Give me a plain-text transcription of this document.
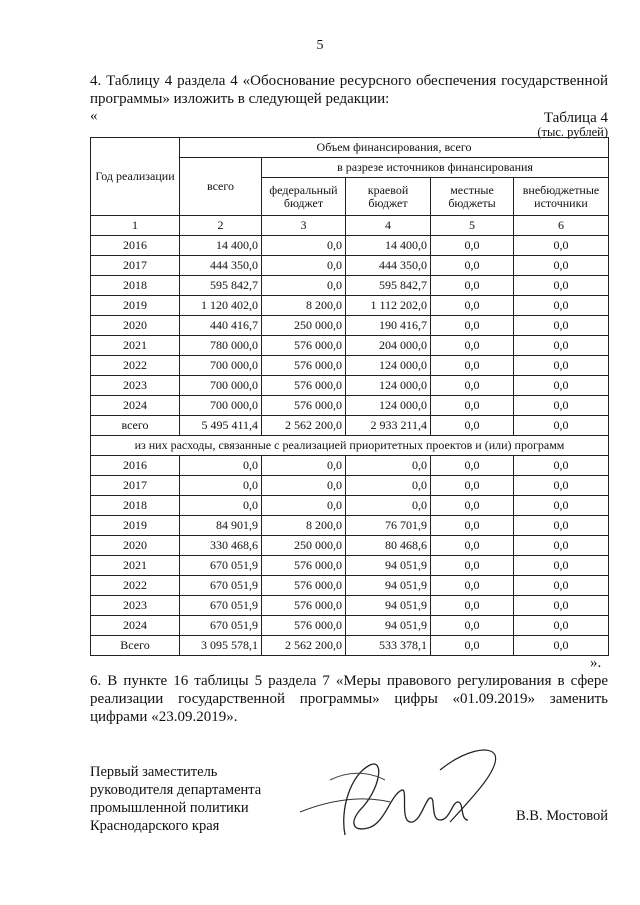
5
4. Таблицу 4 раздела 4 «Обоснование ресурсного обеспечения государственной программы» изложить в следующей редакции:
«	Таблица 4
(тыс. рублей)
Год реализации	Объем финансирования, всего				
	всего	в разрезе источников финансирования			
		федеральный бюджет	краевой бюджет	местные бюджеты	внебюджетные источники
1	2	3	4	5	6
2016	14 400,0	0,0	14 400,0	0,0	0,0
2017	444 350,0	0,0	444 350,0	0,0	0,0
2018	595 842,7	0,0	595 842,7	0,0	0,0
2019	1 120 402,0	8 200,0	1 112 202,0	0,0	0,0
2020	440 416,7	250 000,0	190 416,7	0,0	0,0
2021	780 000,0	576 000,0	204 000,0	0,0	0,0
2022	700 000,0	576 000,0	124 000,0	0,0	0,0
2023	700 000,0	576 000,0	124 000,0	0,0	0,0
2024	700 000,0	576 000,0	124 000,0	0,0	0,0
всего	5 495 411,4	2 562 200,0	2 933 211,4	0,0	0,0
из них расходы, связанные с реализацией приоритетных проектов и (или) программ					
2016	0,0	0,0	0,0	0,0	0,0
2017	0,0	0,0	0,0	0,0	0,0
2018	0,0	0,0	0,0	0,0	0,0
2019	84 901,9	8 200,0	76 701,9	0,0	0,0
2020	330 468,6	250 000,0	80 468,6	0,0	0,0
2021	670 051,9	576 000,0	94 051,9	0,0	0,0
2022	670 051,9	576 000,0	94 051,9	0,0	0,0
2023	670 051,9	576 000,0	94 051,9	0,0	0,0
2024	670 051,9	576 000,0	94 051,9	0,0	0,0
Всего	3 095 578,1	2 562 200,0	533 378,1	0,0	0,0
».
6. В пункте 16 таблицы 5 раздела 7 «Меры правового регулирования в сфере реализации государственной программы» цифры «01.09.2019» заменить цифрами «23.09.2019».
Первый заместитель
руководителя департамента
промышленной политики
Краснодарского края
В.В. Мостовой
